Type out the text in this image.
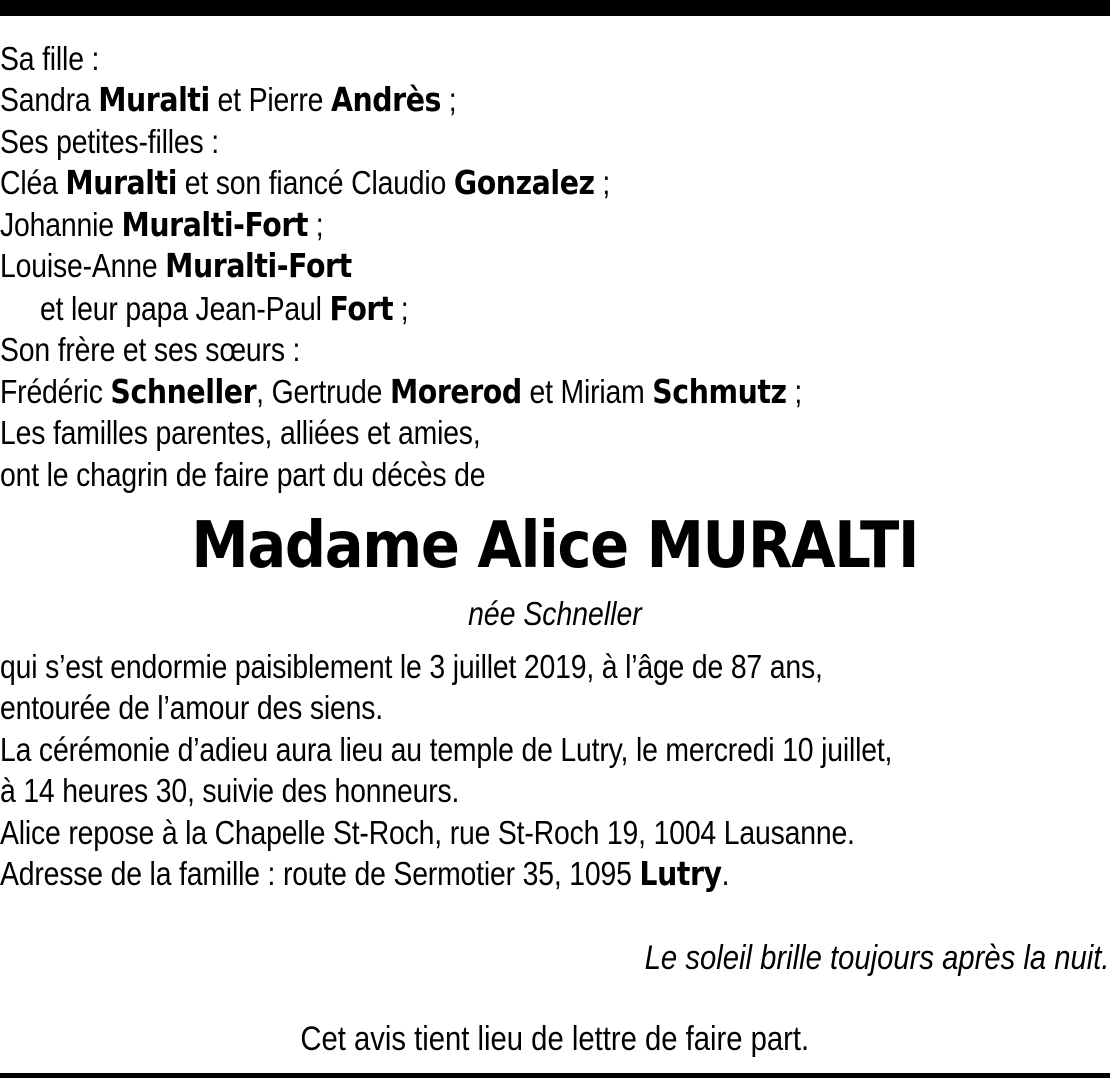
Sa fille :
Sandra Muralti et Pierre Andrès ;
Ses petites-filles :
Cléa Muralti et son fiancé Claudio Gonzalez ;
Johannie Muralti-Fort ;
Louise-Anne Muralti-Fort
et leur papa Jean-Paul Fort ;
Son frère et ses sœurs :
Frédéric Schneller, Gertrude Morerod et Miriam Schmutz ;
Les familles parentes, alliées et amies,
ont le chagrin de faire part du décès de
Madame Alice MURALTI
née Schneller
qui s’est endormie paisiblement le 3 juillet 2019, à l’âge de 87 ans,
entourée de l’amour des siens.
La cérémonie d’adieu aura lieu au temple de Lutry, le mercredi 10 juillet,
à 14 heures 30, suivie des honneurs.
Alice repose à la Chapelle St-Roch, rue St-Roch 19, 1004 Lausanne.
Adresse de la famille : route de Sermotier 35, 1095 Lutry.
Le soleil brille toujours après la nuit.
Cet avis tient lieu de lettre de faire part.
